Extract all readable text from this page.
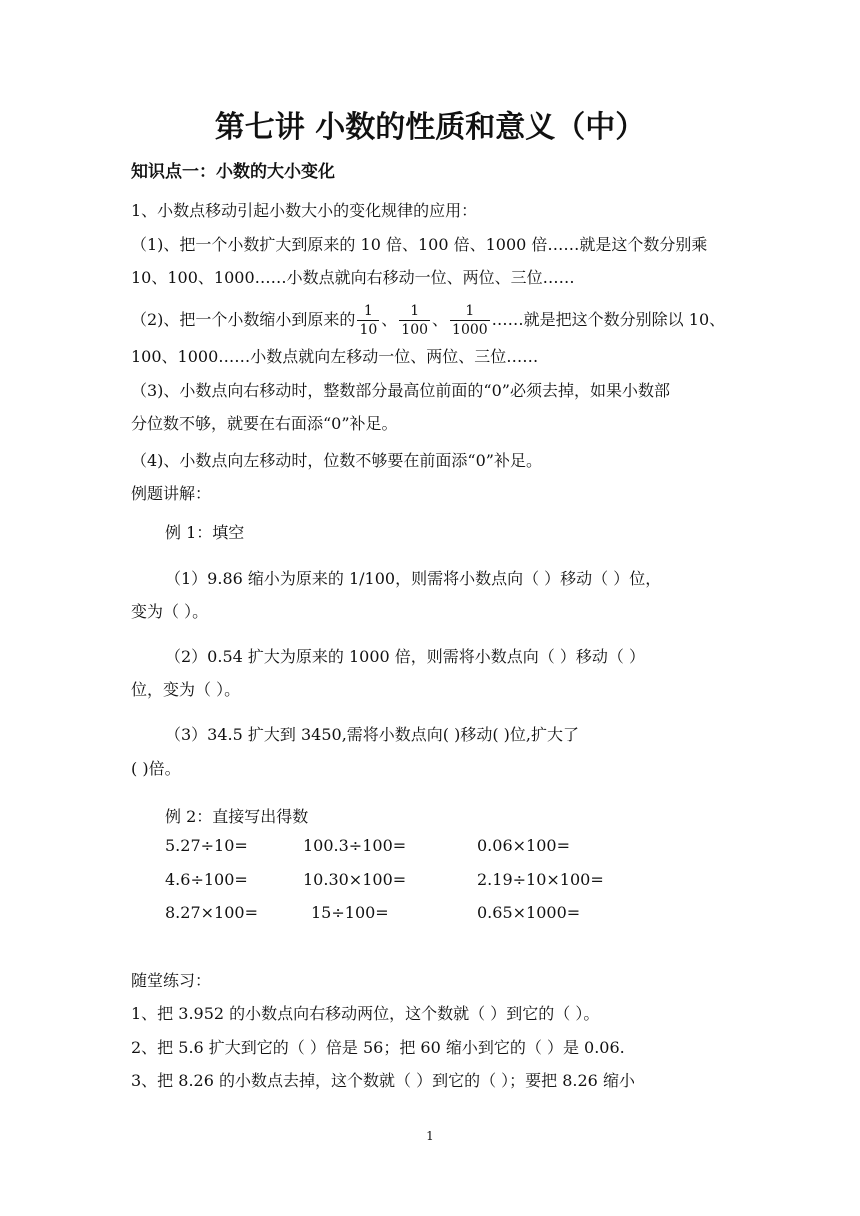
第七讲 小数的性质和意义（中）
知识点一：小数的大小变化
1、小数点移动引起小数大小的变化规律的应用：
（1)、把一个小数扩大到原来的 10 倍、100 倍、1000 倍……就是这个数分别乘
10、100、1000……小数点就向右移动一位、两位、三位……
（2)、把一个小数缩小到原来的 $\frac{1}{10}$ 、 $\frac{1}{100}$ 、 $\frac{1}{1000}$ ……就是把这个数分别除以 10、
100、1000……小数点就向左移动一位、两位、三位……
（3)、小数点向右移动时，整数部分最高位前面的“0”必须去掉，如果小数部
分位数不够，就要在右面添“0”补足。
（4)、小数点向左移动时，位数不够要在前面添“0”补足。
例题讲解：
例 1：填空
（1）9.86 缩小为原来的 1/100，则需将小数点向（ ）移动（ ）位，
变为（ ）。
（2）0.54 扩大为原来的 1000 倍，则需将小数点向（ ）移动（ ）
位，变为（ ）。
（3）34.5 扩大到 3450,需将小数点向( )移动( )位,扩大了
( )倍。
例 2：直接写出得数
5.27÷10=	100.3÷100=	0.06×100=
4.6÷100=	10.30×100=	2.19÷10×100=
8.27×100=	15÷100=	0.65×1000=
随堂练习：
1、把 3.952 的小数点向右移动两位，这个数就（ ）到它的（ ）。
2、把 5.6 扩大到它的（ ）倍是 56；把 60 缩小到它的（ ）是 0.06.
3、把 8.26 的小数点去掉，这个数就（ ）到它的（ ）；要把 8.26 缩小
1
